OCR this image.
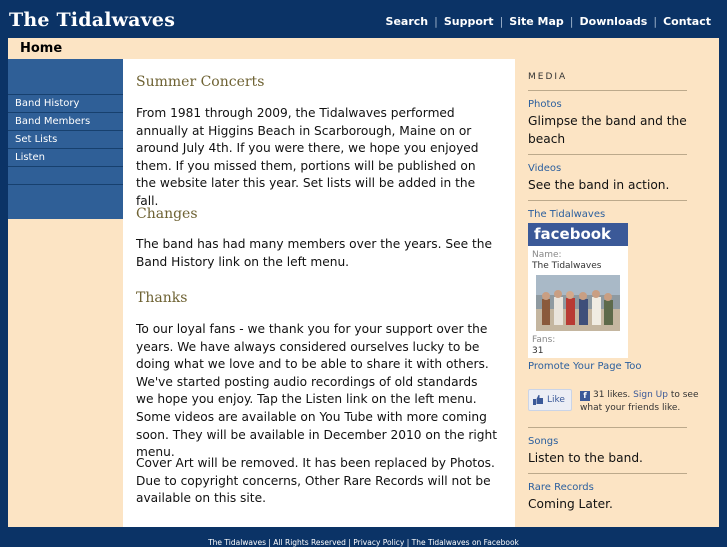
The Tidalwaves	Search | Support | Site Map | Downloads | Contact
Home
Band History
Band Members
Set Lists
Listen
Summer Concerts
From 1981 through 2009, the Tidalwaves performed annually at Higgins Beach in Scarborough, Maine on or around July 4th. If you were there, we hope you enjoyed them. If you missed them, portions will be published on the website later this year. Set lists will be added in the fall.
Changes
The band has had many members over the years. See the Band History link on the left menu.
Thanks
To our loyal fans - we thank you for your support over the years. We have always considered ourselves lucky to be doing what we love and to be able to share it with others. We've started posting audio recordings of old standards we hope you enjoy. Tap the Listen link on the left menu. Some videos are available on You Tube with more coming soon. They will be available in December 2010 on the right menu.
Cover Art will be removed. It has been replaced by Photos. Due to copyright concerns, Other Rare Records will not be available on this site.
MEDIA
Photos
Glimpse the band and the beach
Videos
See the band in action.
The Tidalwaves
facebook
Name:
The Tidalwaves
Fans:
31
Promote Your Page Too
Like	f 31 likes. Sign Up to see what your friends like.
Songs
Listen to the band.
Rare Records
Coming Later.
The Tidalwaves | All Rights Reserved | Privacy Policy | The Tidalwaves on Facebook
